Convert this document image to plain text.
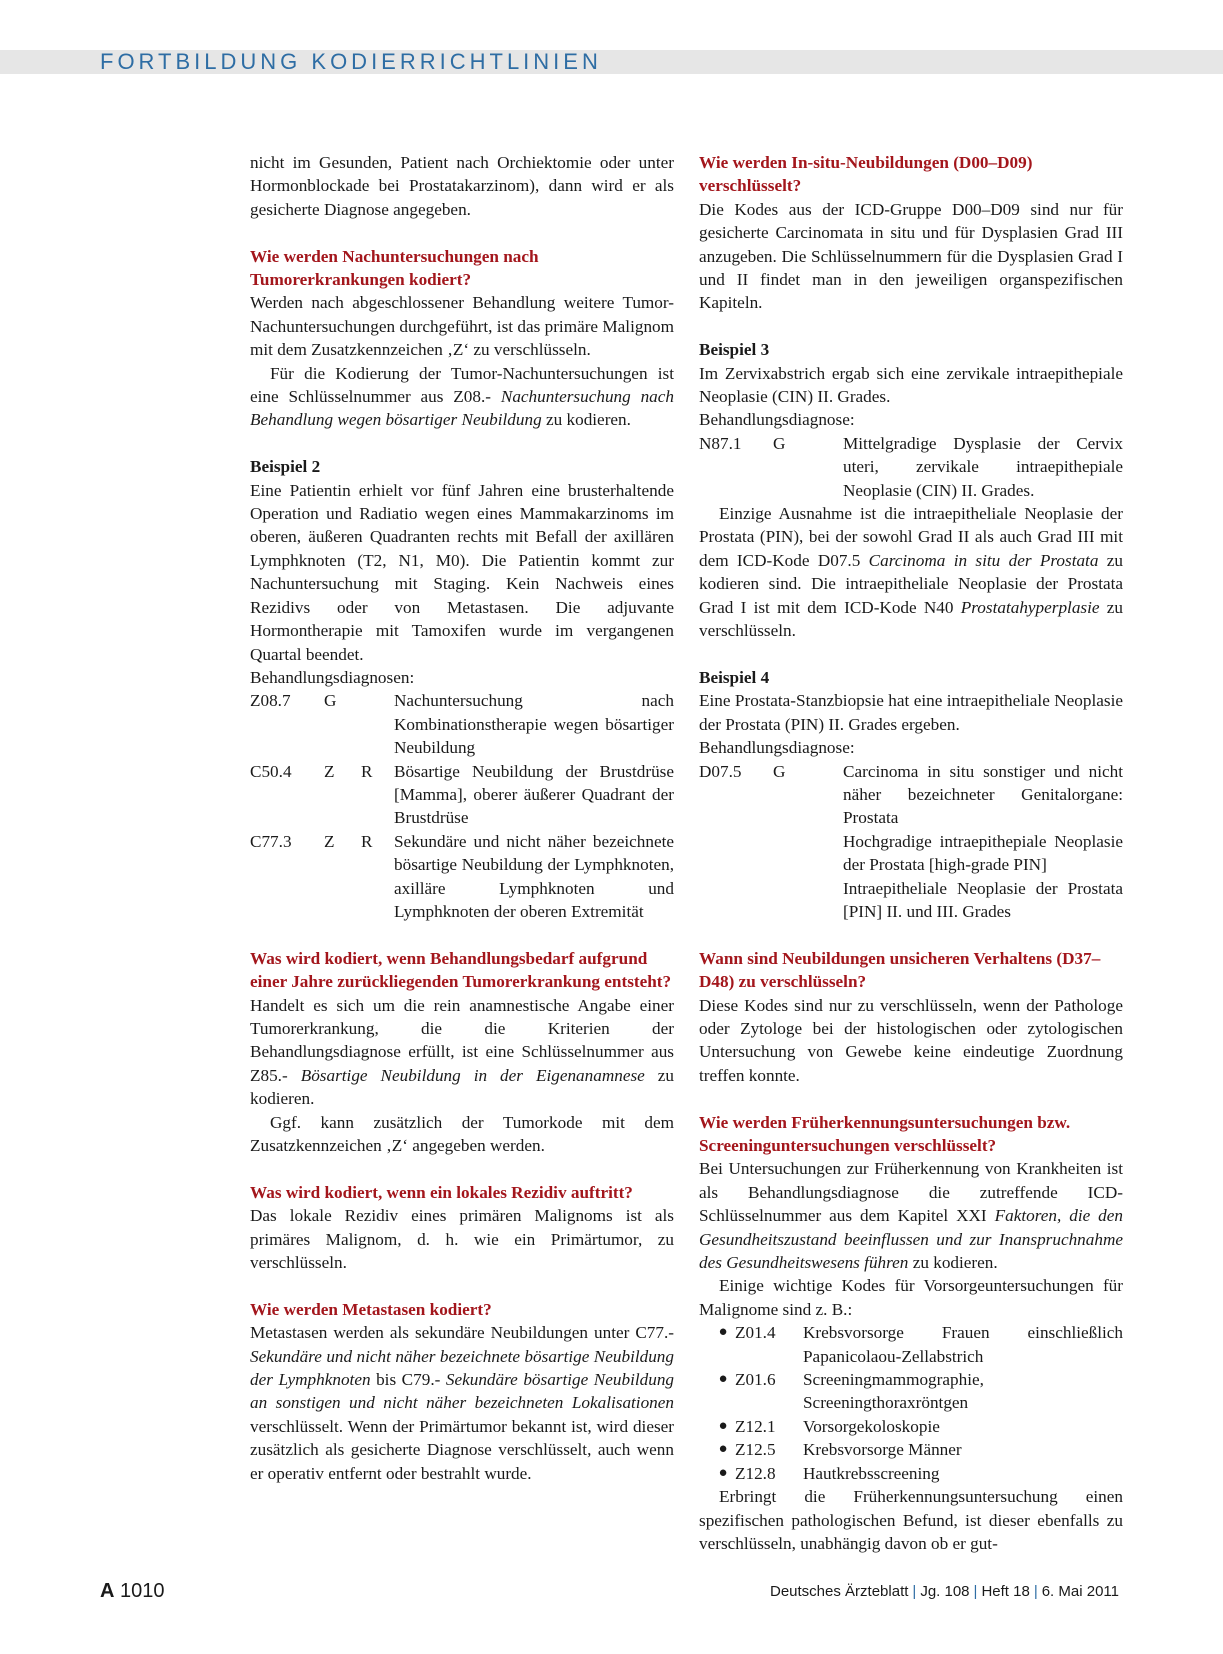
FORTBILDUNG KODIERRICHTLINIEN

nicht im Gesunden, Patient nach Orchiektomie oder unter Hormonblockade bei Prostatakarzinom), dann wird er als gesicherte Diagnose angegeben.

Wie werden Nachuntersuchungen nach Tumorerkrankungen kodiert?

Werden nach abgeschlossener Behandlung weitere Tumor-Nachuntersuchungen durchgeführt, ist das primäre Malignom mit dem Zusatzkennzeichen ‚Z‘ zu verschlüsseln.

Für die Kodierung der Tumor-Nachuntersuchungen ist eine Schlüsselnummer aus Z08.- Nachuntersuchung nach Behandlung wegen bösartiger Neubildung zu kodieren.

Beispiel 2

Eine Patientin erhielt vor fünf Jahren eine brusterhaltende Operation und Radiatio wegen eines Mammakarzinoms im oberen, äußeren Quadranten rechts mit Befall der axillären Lymphknoten (T2, N1, M0). Die Patientin kommt zur Nachuntersuchung mit Staging. Kein Nachweis eines Rezidivs oder von Metastasen. Die adjuvante Hormontherapie mit Tamoxifen wurde im vergangenen Quartal beendet.

Behandlungsdiagnosen:

Z08.7	G	Nachuntersuchung nach Kombinationstherapie wegen bösartiger Neubildung
C50.4	Z	R	Bösartige Neubildung der Brustdrüse [Mamma], oberer äußerer Quadrant der Brustdrüse
C77.3	Z	R	Sekundäre und nicht näher bezeichnete bösartige Neubildung der Lymphknoten, axilläre Lymphknoten und Lymphknoten der oberen Extremität
Was wird kodiert, wenn Behandlungsbedarf aufgrund einer Jahre zurückliegenden Tumorerkrankung entsteht?

Handelt es sich um die rein anamnestische Angabe einer Tumorerkrankung, die die Kriterien der Behandlungsdiagnose erfüllt, ist eine Schlüsselnummer aus Z85.- Bösartige Neubildung in der Eigenanamnese zu kodieren.

Ggf. kann zusätzlich der Tumorkode mit dem Zusatzkennzeichen ‚Z‘ angegeben werden.

Was wird kodiert, wenn ein lokales Rezidiv auftritt?

Das lokale Rezidiv eines primären Malignoms ist als primäres Malignom, d. h. wie ein Primärtumor, zu verschlüsseln.

Wie werden Metastasen kodiert?

Metastasen werden als sekundäre Neubildungen unter C77.- Sekundäre und nicht näher bezeichnete bösartige Neubildung der Lymphknoten bis C79.- Sekundäre bösartige Neubildung an sonstigen und nicht näher bezeichneten Lokalisationen verschlüsselt. Wenn der Primärtumor bekannt ist, wird dieser zusätzlich als gesicherte Diagnose verschlüsselt, auch wenn er operativ entfernt oder bestrahlt wurde.

Wie werden In-situ-Neubildungen (D00–D09) verschlüsselt?

Die Kodes aus der ICD-Gruppe D00–D09 sind nur für gesicherte Carcinomata in situ und für Dysplasien Grad III anzugeben. Die Schlüsselnummern für die Dysplasien Grad I und II findet man in den jeweiligen organspezifischen Kapiteln.

Beispiel 3

Im Zervixabstrich ergab sich eine zervikale intraepithepiale Neoplasie (CIN) II. Grades.

Behandlungsdiagnose:

N87.1	G	Mittelgradige Dysplasie der Cervix uteri, zervikale intraepithepiale Neoplasie (CIN) II. Grades.

Einzige Ausnahme ist die intraepitheliale Neoplasie der Prostata (PIN), bei der sowohl Grad II als auch Grad III mit dem ICD-Kode D07.5 Carcinoma in situ der Prostata zu kodieren sind. Die intraepitheliale Neoplasie der Prostata Grad I ist mit dem ICD-Kode N40 Prostatahyperplasie zu verschlüsseln.

Beispiel 4

Eine Prostata-Stanzbiopsie hat eine intraepitheliale Neoplasie der Prostata (PIN) II. Grades ergeben.

Behandlungsdiagnose:

D07.5	G	Carcinoma in situ sonstiger und nicht näher bezeichneter Genitalorgane: Prostata
Hochgradige intraepithepiale Neoplasie der Prostata [high-grade PIN]
Intraepitheliale Neoplasie der Prostata [PIN] II. und III. Grades
Wann sind Neubildungen unsicheren Verhaltens (D37–D48) zu verschlüsseln?

Diese Kodes sind nur zu verschlüsseln, wenn der Pathologe oder Zytologe bei der histologischen oder zytologischen Untersuchung von Gewebe keine eindeutige Zuordnung treffen konnte.

Wie werden Früherkennungsuntersuchungen bzw. Screeninguntersuchungen verschlüsselt?

Bei Untersuchungen zur Früherkennung von Krankheiten ist als Behandlungsdiagnose die zutreffende ICD-Schlüsselnummer aus dem Kapitel XXI Faktoren, die den Gesundheitszustand beeinflussen und zur Inanspruchnahme des Gesundheitswesens führen zu kodieren.

Einige wichtige Kodes für Vorsorgeuntersuchungen für Malignome sind z. B.:

● Z01.4	Krebsvorsorge Frauen einschließlich Papanicolaou-Zellabstrich
● Z01.6	Screeningmammographie, Screeningthoraxröntgen
● Z12.1	Vorsorgekoloskopie
● Z12.5	Krebsvorsorge Männer
● Z12.8	Hautkrebsscreening

Erbringt die Früherkennungsuntersuchung einen spezifischen pathologischen Befund, ist dieser ebenfalls zu verschlüsseln, unabhängig davon ob er gut-

A 1010	Deutsches Ärzteblatt | Jg. 108 | Heft 18 | 6. Mai 2011
